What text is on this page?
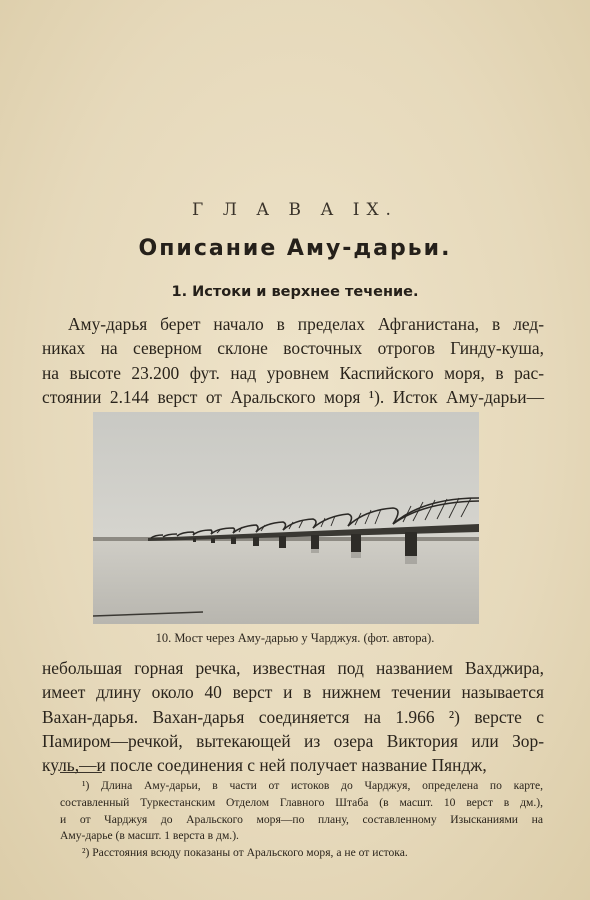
Г Л А В А IX.
Описание Аму-дарьи.
1. Истоки и верхнее течение.
Аму-дарья берет начало в пределах Афганистана, в лед-
никах на северном склоне восточных отрогов Гинду-куша,
на высоте 23.200 фут. над уровнем Каспийского моря, в рас-
стоянии 2.144 верст от Аральского моря ¹). Исток Аму-дарьи—
10. Мост через Аму-дарью у Чарджуя. (фот. автора).
небольшая горная речка, известная под названием Вахджира,
имеет длину около 40 верст и в нижнем течении называется
Вахан-дарья. Вахан-дарья соединяется на 1.966 ²) версте с
Памиром—речкой, вытекающей из озера Виктория или Зор-
куль,—и после соединения с ней получает название Пяндж,
¹) Длина Аму-дарьи, в части от истоков до Чарджуя, определена по карте,
составленный Туркестанским Отделом Главного Штаба (в масшт. 10 верст в дм.),
и от Чарджуя до Аральского моря—по плану, составленному Изысканиями на
Аму-дарье (в масшт. 1 верста в дм.).
²) Расстояния всюду показаны от Аральского моря, а не от истока.
